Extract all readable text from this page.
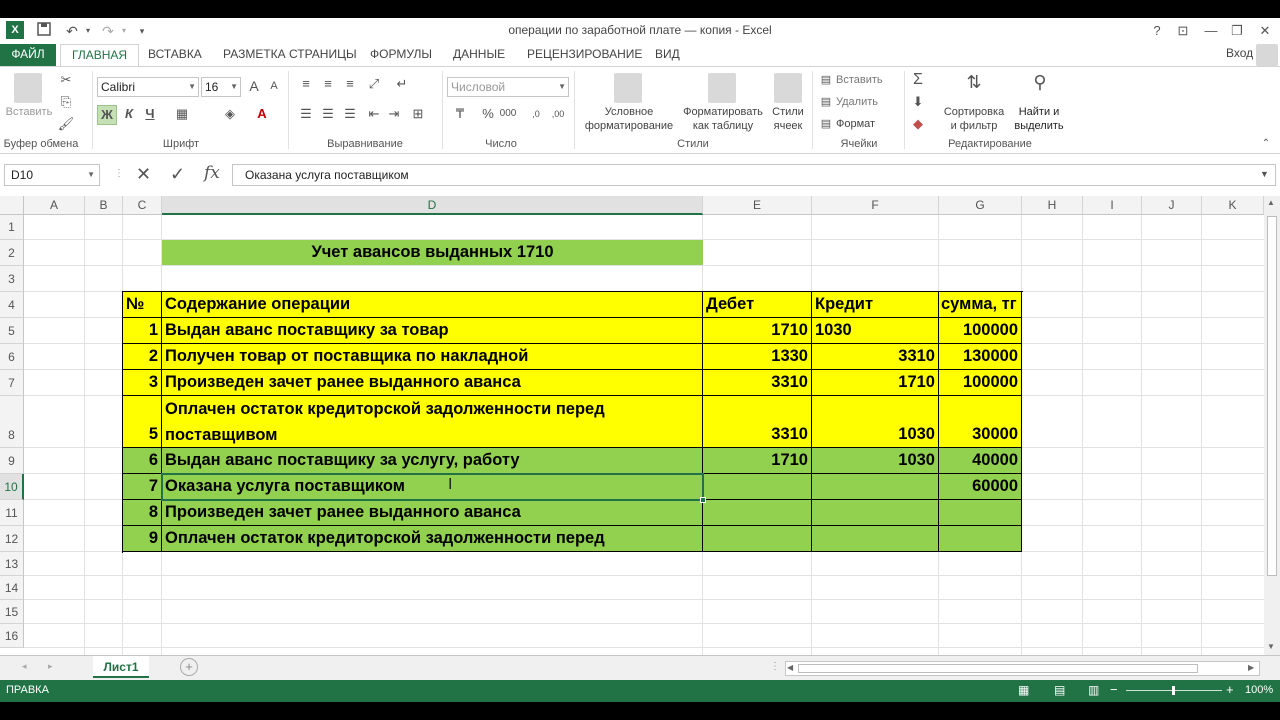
X	↶	▾ ↷	▾	▾	операции по заработной плате — копия - Excel	?	⊡	—	❐	✕
ФАЙЛ	ГЛАВНАЯ	ВСТАВКА	РАЗМЕТКА СТРАНИЦЫ	ФОРМУЛЫ	ДАННЫЕ	РЕЦЕНЗИРОВАНИЕ	ВИД	Вход
Вставить
✂
⎘
🖌
Буфер обмена
Calibri	▼ 16 ▼ A	A
Ж К Ч	▦	◈	A
Шрифт
≡	≡	≡	⤢	↵
☰ ☰ ☰ ⇤ ⇥	⊞
Выравнивание
Числовой	▼
₸	% 000	,0	,00
Число
Условное
форматирование
Форматировать
как таблицу
Стили
ячеек
Стили
▤ Вставить
▤ Удалить
▤ Формат
Ячейки
Σ
⬇
◆
⇅
Сортировка
и фильтр
⚲
Найти и
выделить
Редактирование	⌃
D10	▼ ⋮ ✕ ✓ fx	Оказана услуга поставщиком	▼
A	B	C	D	E	F	G	H	I	J	K
1
2
3
4
5
6
7
8
9
10
11
12
13
14
15
16
Учет авансов выданных 1710
№	Содержание операции	Дебет	Кредит	сумма, тг
1 Выдан аванс поставщику за товар	1710 1030	100000
2 Получен товар от поставщика по накладной	1330	3310	130000
3 Произведен зачет ранее выданного аванса	3310	1710	100000
5
Оплачен остаток кредиторской задолженности перед
поставщивом	3310	1030	30000
6 Выдан аванс поставщику за услугу, работу	1710	1030	40000
7 Оказана услуга поставщиком	60000
8 Произведен зачет ранее выданного аванса
9 Оплачен остаток кредиторской задолженности перед
I
▲
▼
◂ ▸	Лист1	+	⋮ ◀	▶
ПРАВКА	▦ ▤ ▥ −	+ 100%
